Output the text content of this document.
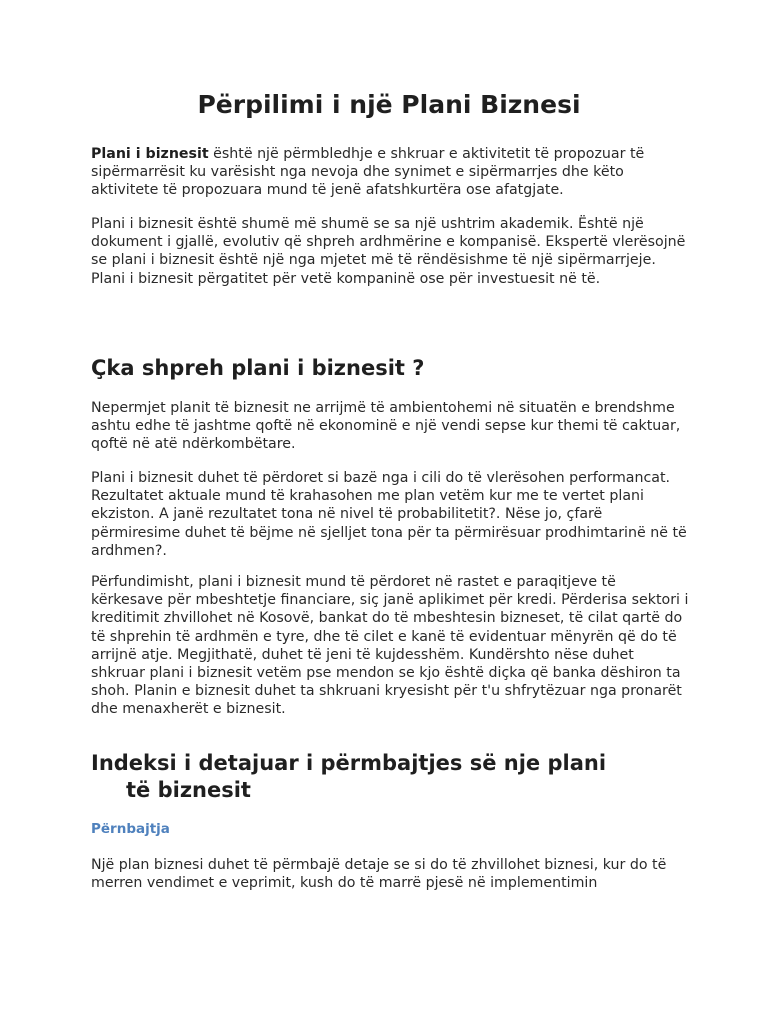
Përpilimi i një Plani Biznesi

Plani i biznesit është një përmbledhje e shkruar e aktivitetit të propozuar të sipërmarrësit ku varësisht nga nevoja dhe synimet e sipërmarrjes dhe këto aktivitete të propozuara mund të jenë afatshkurtëra ose afatgjate.

Plani i biznesit është shumë më shumë se sa një ushtrim akademik. Është një dokument i gjallë, evolutiv që shpreh ardhmërine e kompanisë. Ekspertë vlerësojnë se plani i biznesit është një nga mjetet më të rëndësishme të një sipërmarrjeje. Plani i biznesit përgatitet për vetë kompaninë ose për investuesit në të.

Çka shpreh plani i biznesit ?

Nepermjet planit të biznesit ne arrijmë të ambientohemi në situatën e brendshme ashtu edhe të jashtme qoftë në ekonominë e një vendi sepse kur themi të caktuar, qoftë në atë ndërkombëtare.

Plani i biznesit duhet të përdoret si bazë nga i cili do të vlerësohen performancat. Rezultatet aktuale mund të krahasohen me plan vetëm kur me te vertet plani ekziston. A janë rezultatet tona në nivel të probabilitetit?. Nëse jo, çfarë përmiresime duhet të bëjme në sjelljet tona për ta përmirësuar prodhimtarinë në të ardhmen?.

Përfundimisht, plani i biznesit mund të përdoret në rastet e paraqitjeve të kërkesave për mbeshtetje financiare, siç janë aplikimet për kredi. Përderisa sektori i kreditimit zhvillohet në Kosovë, bankat do të mbeshtesin bizneset, të cilat qartë do të shprehin të ardhmën e tyre, dhe të cilet e kanë të evidentuar mënyrën që do të arrijnë atje. Megjithatë, duhet të jeni të kujdesshëm. Kundërshto nëse duhet shkruar plani i biznesit vetëm pse mendon se kjo është diçka që banka dëshiron ta shoh. Planin e biznesit duhet ta shkruani kryesisht për t'u shfrytëzuar nga pronarët dhe menaxherët e biznesit.

Indeksi i detajuar i përmbajtjes së nje plani
të biznesit
Përnbajtja

Një plan biznesi duhet të përmbajë detaje se si do të zhvillohet biznesi, kur do të merren vendimet e veprimit, kush do të marrë pjesë në implementimin
